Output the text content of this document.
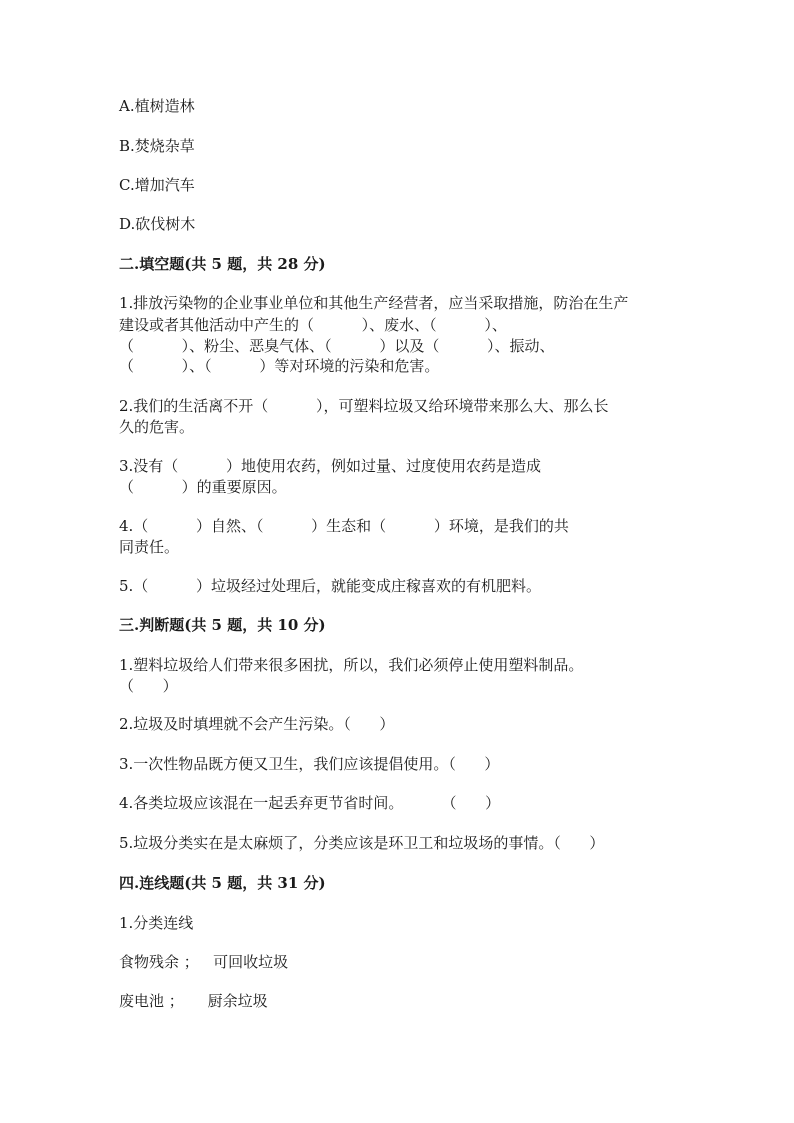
A.植树造林
B.焚烧杂草
C.增加汽车
D.砍伐树木
二.填空题(共 5 题，共 28 分)
1.排放污染物的企业事业单位和其他生产经营者，应当采取措施，防治在生产
建设或者其他活动中产生的（          ）、废水、（          ）、
（          ）、粉尘、恶臭气体、（          ）以及（          ）、振动、
（          ）、（          ）等对环境的污染和危害。
2.我们的生活离不开（          ），可塑料垃圾又给环境带来那么大、那么长
久的危害。
3.没有（          ）地使用农药，例如过量、过度使用农药是造成
（          ）的重要原因。
4.（          ）自然、（          ）生态和（          ）环境，是我们的共
同责任。
5.（          ）垃圾经过处理后，就能变成庄稼喜欢的有机肥料。
三.判断题(共 5 题，共 10 分)
1.塑料垃圾给人们带来很多困扰，所以，我们必须停止使用塑料制品。
（      ）
2.垃圾及时填埋就不会产生污染。（      ）
3.一次性物品既方便又卫生，我们应该提倡使用。（      ）
4.各类垃圾应该混在一起丢弃更节省时间。        （      ）
5.垃圾分类实在是太麻烦了，分类应该是环卫工和垃圾场的事情。（      ）
四.连线题(共 5 题，共 31 分)
1.分类连线
食物残余 ；   可回收垃圾
废电池 ；     厨余垃圾
